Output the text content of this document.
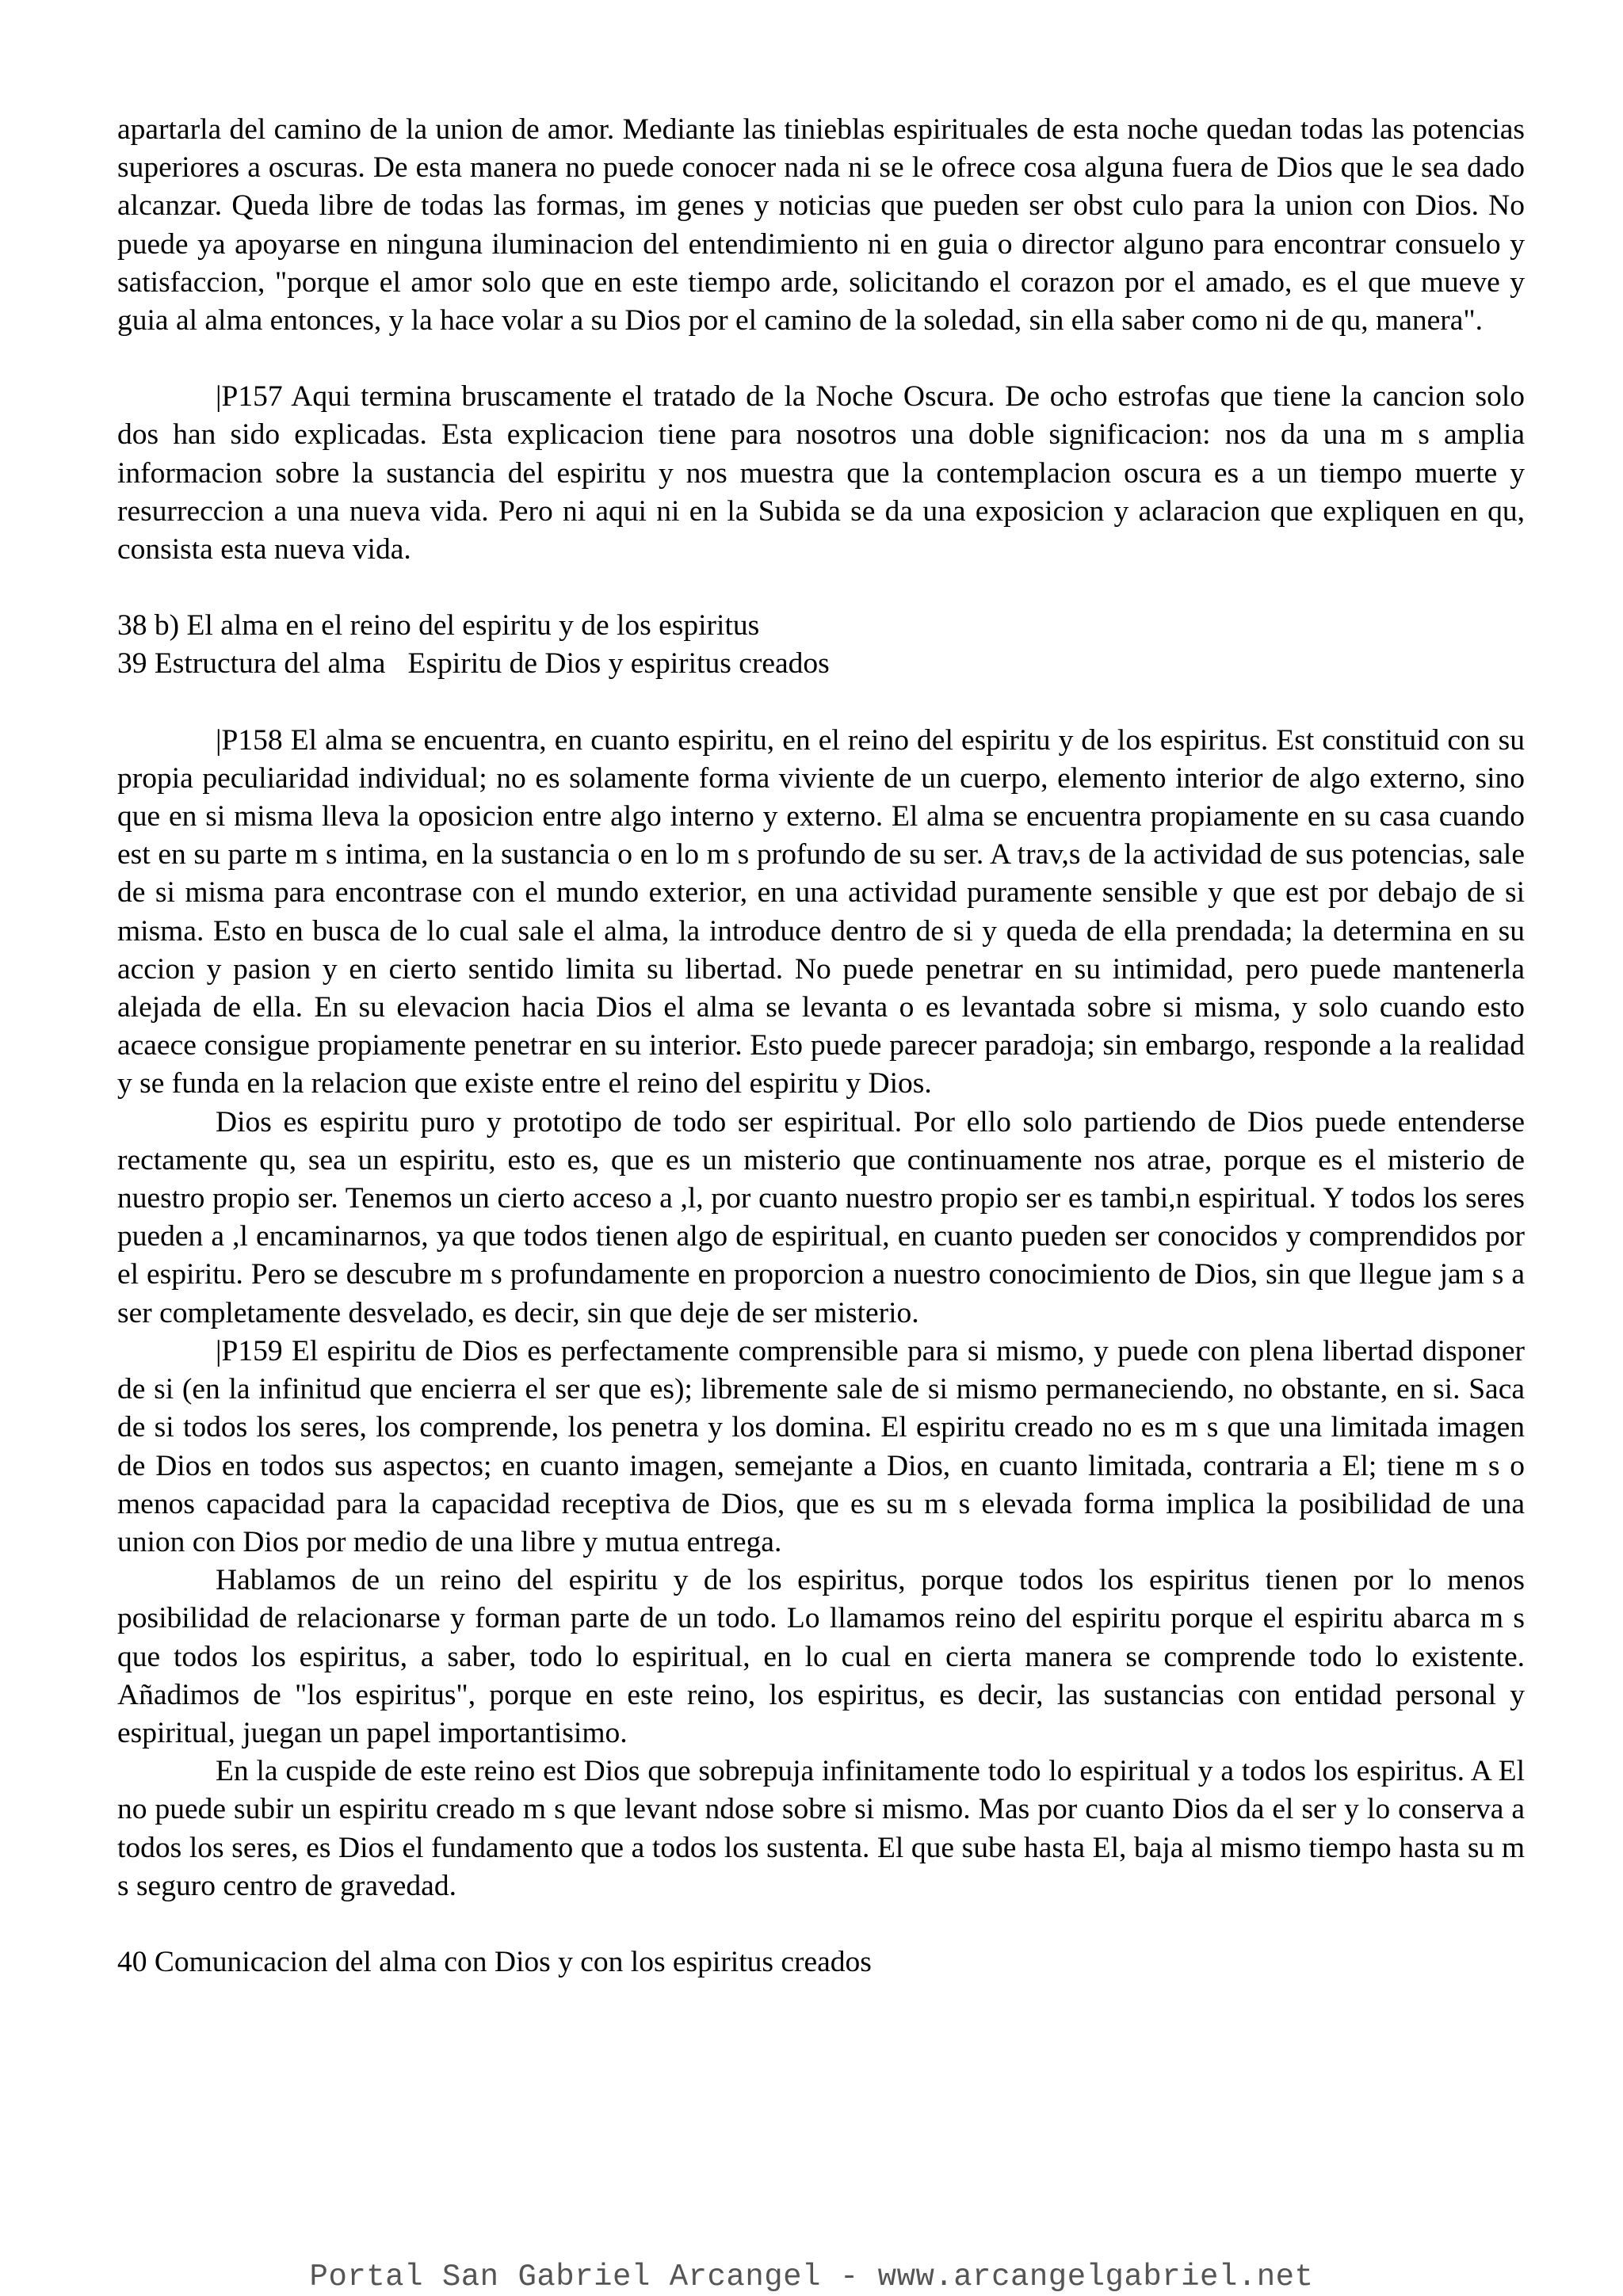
apartarla del camino de la union de amor. Mediante las tinieblas espirituales de esta noche quedan todas las potencias superiores a oscuras. De esta manera no puede conocer nada ni se le ofrece cosa alguna fuera de Dios que le sea dado alcanzar. Queda libre de todas las formas, im genes y noticias que pueden ser obst culo para la union con Dios. No puede ya apoyarse en ninguna iluminacion del entendimiento ni en guia o director alguno para encontrar consuelo y satisfaccion, "porque el amor solo que en este tiempo arde, solicitando el corazon por el amado, es el que mueve y guia al alma entonces, y la hace volar a su Dios por el camino de la soledad, sin ella saber como ni de qu, manera".

|P157 Aqui termina bruscamente el tratado de la Noche Oscura. De ocho estrofas que tiene la cancion solo dos han sido explicadas. Esta explicacion tiene para nosotros una doble significacion: nos da una m s amplia informacion sobre la sustancia del espiritu y nos muestra que la contemplacion oscura es a un tiempo muerte y resurreccion a una nueva vida. Pero ni aqui ni en la Subida se da una exposicion y aclaracion que expliquen en qu, consista esta nueva vida.

38 b) El alma en el reino del espiritu y de los espiritus

39 Estructura del alma   Espiritu de Dios y espiritus creados

|P158 El alma se encuentra, en cuanto espiritu, en el reino del espiritu y de los espiritus. Est constituid con su propia peculiaridad individual; no es solamente forma viviente de un cuerpo, elemento interior de algo externo, sino que en si misma lleva la oposicion entre algo interno y externo. El alma se encuentra propiamente en su casa cuando est en su parte m s intima, en la sustancia o en lo m s profundo de su ser. A trav,s de la actividad de sus potencias, sale de si misma para encontrase con el mundo exterior, en una actividad puramente sensible y que est por debajo de si misma. Esto en busca de lo cual sale el alma, la introduce dentro de si y queda de ella prendada; la determina en su accion y pasion y en cierto sentido limita su libertad. No puede penetrar en su intimidad, pero puede mantenerla alejada de ella. En su elevacion hacia Dios el alma se levanta o es levantada sobre si misma, y solo cuando esto acaece consigue propiamente penetrar en su interior. Esto puede parecer paradoja; sin embargo, responde a la realidad y se funda en la relacion que existe entre el reino del espiritu y Dios.

Dios es espiritu puro y prototipo de todo ser espiritual. Por ello solo partiendo de Dios puede entenderse rectamente qu, sea un espiritu, esto es, que es un misterio que continuamente nos atrae, porque es el misterio de nuestro propio ser. Tenemos un cierto acceso a ,l, por cuanto nuestro propio ser es tambi,n espiritual. Y todos los seres pueden a ,l encaminarnos, ya que todos tienen algo de espiritual, en cuanto pueden ser conocidos y comprendidos por el espiritu. Pero se descubre m s profundamente en proporcion a nuestro conocimiento de Dios, sin que llegue jam s a ser completamente desvelado, es decir, sin que deje de ser misterio.

|P159 El espiritu de Dios es perfectamente comprensible para si mismo, y puede con plena libertad disponer de si (en la infinitud que encierra el ser que es); libremente sale de si mismo permaneciendo, no obstante, en si. Saca de si todos los seres, los comprende, los penetra y los domina. El espiritu creado no es m s que una limitada imagen de Dios en todos sus aspectos; en cuanto imagen, semejante a Dios, en cuanto limitada, contraria a El; tiene m s o menos capacidad para la capacidad receptiva de Dios, que es su m s elevada forma implica la posibilidad de una union con Dios por medio de una libre y mutua entrega.

Hablamos de un reino del espiritu y de los espiritus, porque todos los espiritus tienen por lo menos posibilidad de relacionarse y forman parte de un todo. Lo llamamos reino del espiritu porque el espiritu abarca m s que todos los espiritus, a saber, todo lo espiritual, en lo cual en cierta manera se comprende todo lo existente. Añadimos de "los espiritus", porque en este reino, los espiritus, es decir, las sustancias con entidad personal y espiritual, juegan un papel importantisimo.

En la cuspide de este reino est Dios que sobrepuja infinitamente todo lo espiritual y a todos los espiritus. A El no puede subir un espiritu creado m s que levant ndose sobre si mismo. Mas por cuanto Dios da el ser y lo conserva a todos los seres, es Dios el fundamento que a todos los sustenta. El que sube hasta El, baja al mismo tiempo hasta su m s seguro centro de gravedad.

40 Comunicacion del alma con Dios y con los espiritus creados

Portal San Gabriel Arcangel - www.arcangelgabriel.net
